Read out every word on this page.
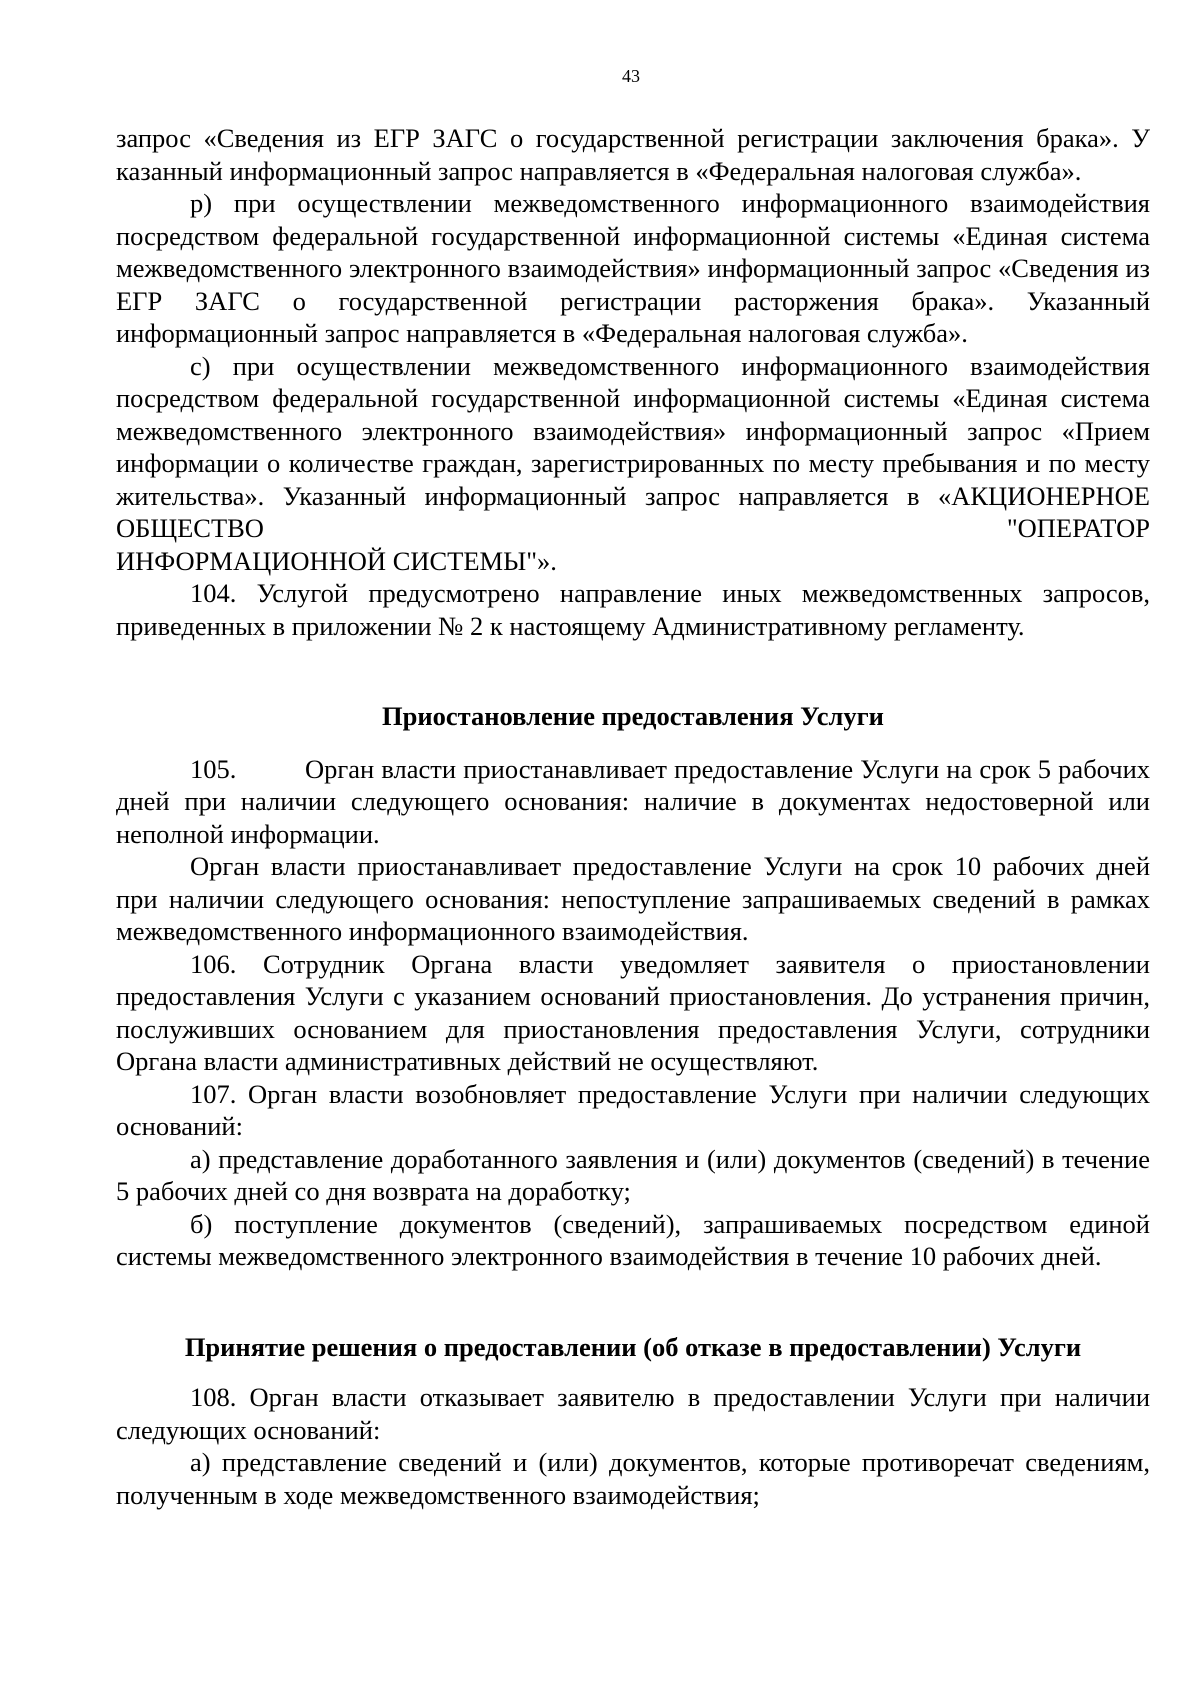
43

запрос «Сведения из ЕГР ЗАГС о государственной регистрации заключения брака». У казанный информационный запрос направляется в «Федеральная налоговая служба».

р) при осуществлении межведомственного информационного взаимодействия посредством федеральной государственной информационной системы «Единая система межведомственного электронного взаимодействия» информационный запрос «Сведения из ЕГР ЗАГС о государственной регистрации расторжения брака». Указанный информационный запрос направляется в «Федеральная налоговая служба».

с) при осуществлении межведомственного информационного взаимодействия посредством федеральной государственной информационной системы «Единая система межведомственного электронного взаимодействия» информационный запрос «Прием информации о количестве граждан, зарегистрированных по месту пребывания и по месту жительства». Указанный информационный запрос направляется в «АКЦИОНЕРНОЕ ОБЩЕСТВО "ОПЕРАТОР

ИНФОРМАЦИОННОЙ СИСТЕМЫ"».

104. Услугой предусмотрено направление иных межведомственных запросов, приведенных в приложении № 2 к настоящему Административному регламенту.

Приостановление предоставления Услуги

105.	Орган власти приостанавливает предоставление Услуги на срок 5 рабочих дней при наличии следующего основания: наличие в документах недостоверной или неполной информации.

Орган власти приостанавливает предоставление Услуги на срок 10 рабочих дней при наличии следующего основания: непоступление запрашиваемых сведений в рамках межведомственного информационного взаимодействия.

106. Сотрудник Органа власти уведомляет заявителя о приостановлении предоставления Услуги с указанием оснований приостановления. До устранения причин, послуживших основанием для приостановления предоставления Услуги, сотрудники Органа власти административных действий не осуществляют.

107. Орган власти возобновляет предоставление Услуги при наличии следующих оснований:

а) представление доработанного заявления и (или) документов (сведений) в течение 5 рабочих дней со дня возврата на доработку;

б) поступление документов (сведений), запрашиваемых посредством единой системы межведомственного электронного взаимодействия в течение 10 рабочих дней.

Принятие решения о предоставлении (об отказе в предоставлении) Услуги

108. Орган власти отказывает заявителю в предоставлении Услуги при наличии следующих оснований:

а) представление сведений и (или) документов, которые противоречат сведениям, полученным в ходе межведомственного взаимодействия;
